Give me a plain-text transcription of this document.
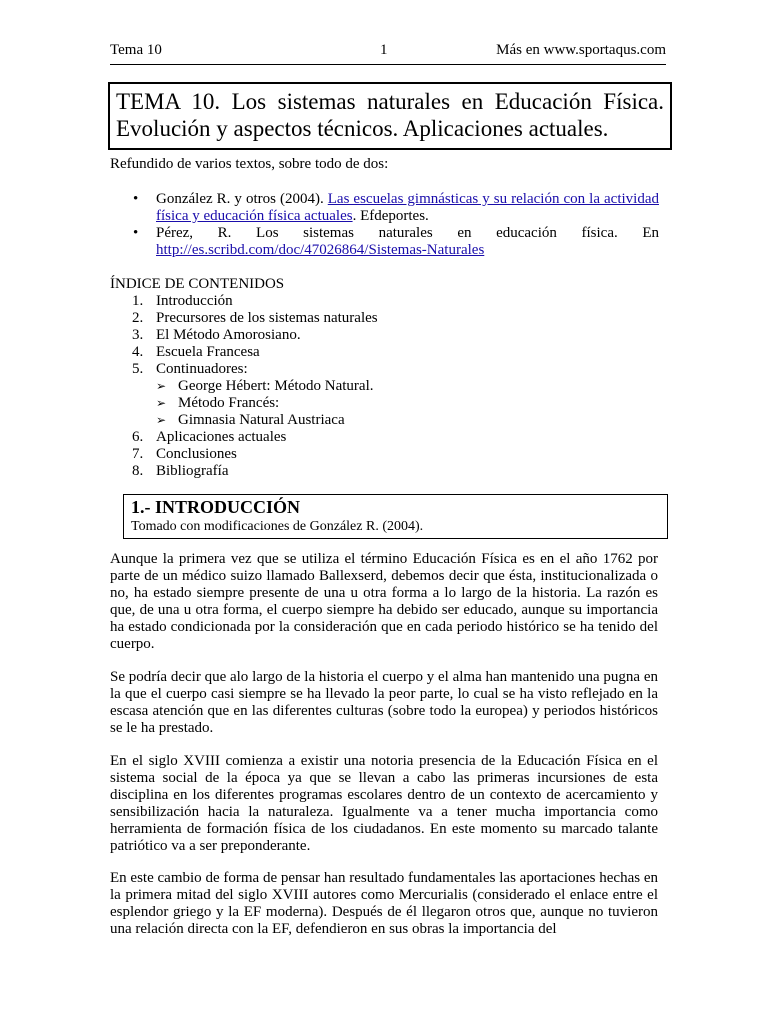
Tema 10	1	Más en www.sportaqus.com
TEMA 10. Los sistemas naturales en Educación Física. Evolución y aspectos técnicos. Aplicaciones actuales.
Refundido de varios textos, sobre todo de dos:
• González R. y otros (2004). Las escuelas gimnásticas y su relación con la actividad física y educación física actuales. Efdeportes.
• Pérez, R. Los sistemas naturales en educación física. En http://es.scribd.com/doc/47026864/Sistemas-Naturales
ÍNDICE DE CONTENIDOS
1. Introducción
2. Precursores de los sistemas naturales
3. El Método Amorosiano.
4. Escuela Francesa
5. Continuadores:
➢ George Hébert: Método Natural.
➢ Método Francés:
➢ Gimnasia Natural Austriaca
6. Aplicaciones actuales
7. Conclusiones
8. Bibliografía
1.- INTRODUCCIÓN
Tomado con modificaciones de González R. (2004).
Aunque la primera vez que se utiliza el término Educación Física es en el año 1762 por parte de un médico suizo llamado Ballexserd, debemos decir que ésta, institucionalizada o no, ha estado siempre presente de una u otra forma a lo largo de la historia. La razón es que, de una u otra forma, el cuerpo siempre ha debido ser educado, aunque su importancia ha estado condicionada por la consideración que en cada periodo histórico se ha tenido del cuerpo.
Se podría decir que alo largo de la historia el cuerpo y el alma han mantenido una pugna en la que el cuerpo casi siempre se ha llevado la peor parte, lo cual se ha visto reflejado en la escasa atención que en las diferentes culturas (sobre todo la europea) y periodos históricos se le ha prestado.
En el siglo XVIII comienza a existir una notoria presencia de la Educación Física en el sistema social de la época ya que se llevan a cabo las primeras incursiones de esta disciplina en los diferentes programas escolares dentro de un contexto de acercamiento y sensibilización hacia la naturaleza. Igualmente va a tener mucha importancia como herramienta de formación física de los ciudadanos. En este momento su marcado talante patriótico va a ser preponderante.
En este cambio de forma de pensar han resultado fundamentales las aportaciones hechas en la primera mitad del siglo XVIII autores como Mercurialis (considerado el enlace entre el esplendor griego y la EF moderna). Después de él llegaron otros que, aunque no tuvieron una relación directa con la EF, defendieron en sus obras la importancia del
